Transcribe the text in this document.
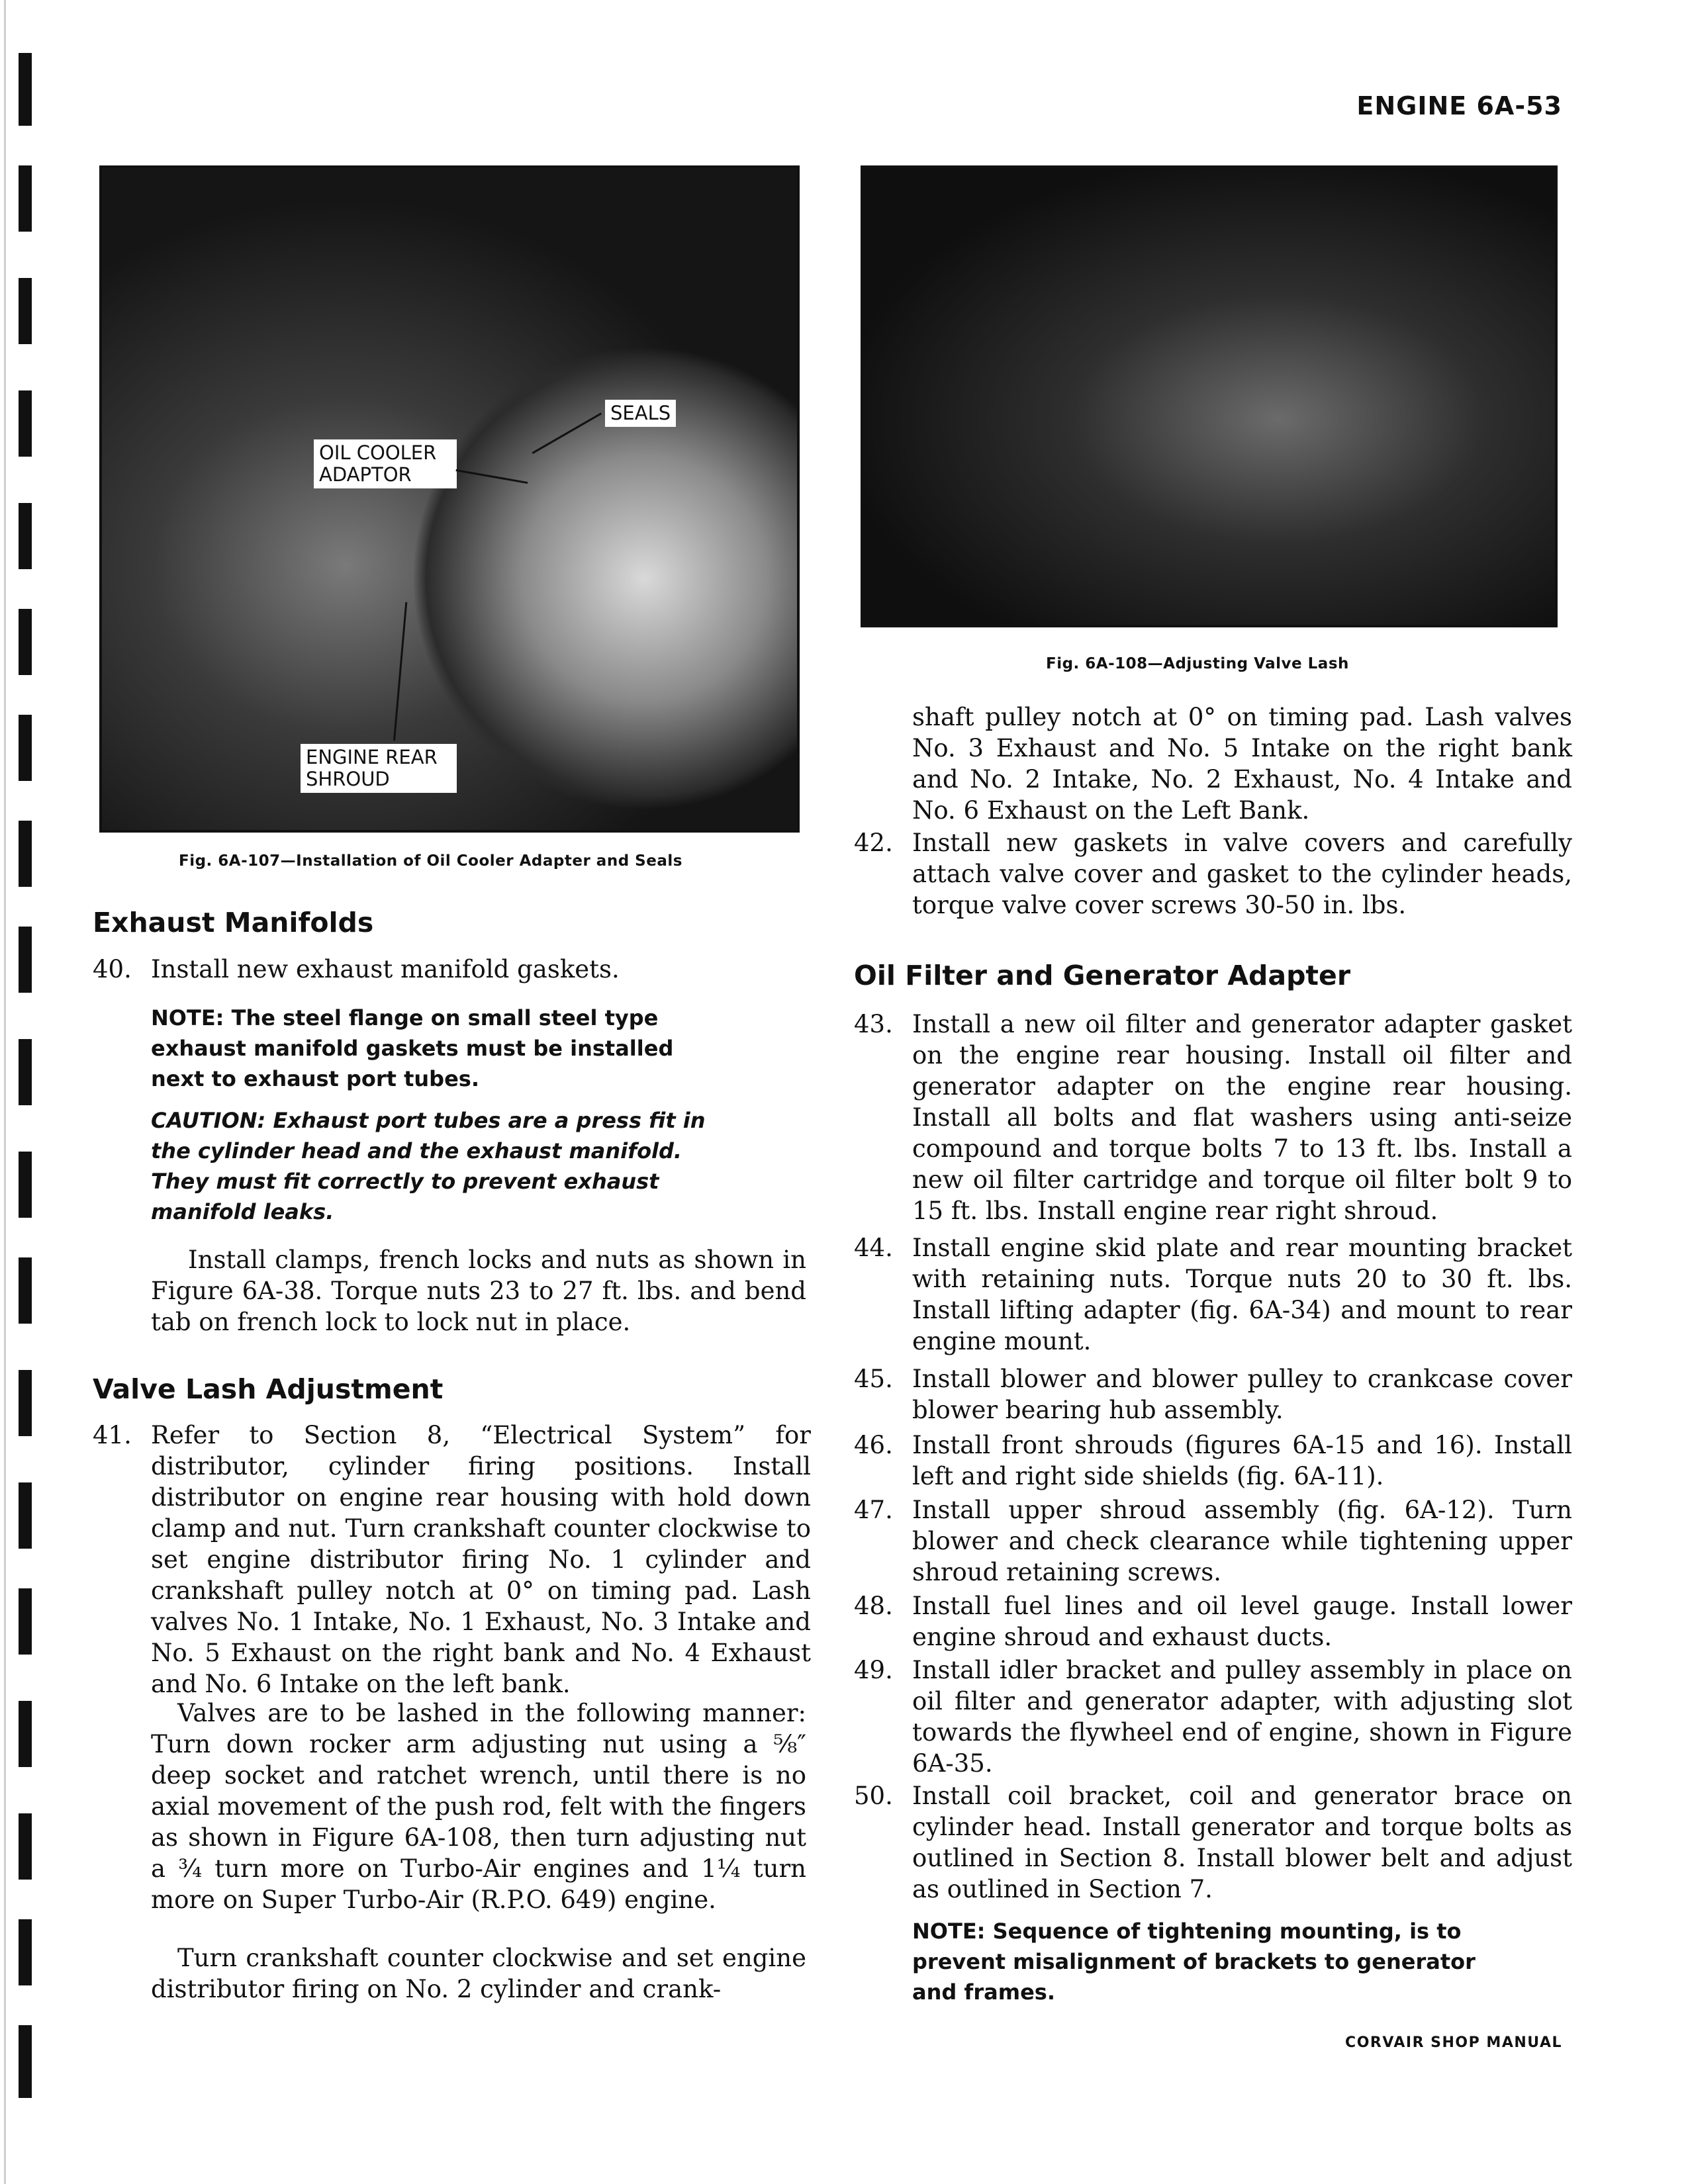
ENGINE 6A-53
SEALS
OIL COOLER ADAPTOR
ENGINE REAR SHROUD
Fig. 6A-107—Installation of Oil Cooler Adapter and Seals
Fig. 6A-108—Adjusting Valve Lash
Exhaust Manifolds
40. Install new exhaust manifold gaskets.
NOTE: The steel flange on small steel type exhaust manifold gaskets must be installed next to exhaust port tubes.
CAUTION: Exhaust port tubes are a press fit in the cylinder head and the exhaust manifold. They must fit correctly to prevent exhaust manifold leaks.
Install clamps, french locks and nuts as shown in Figure 6A-38. Torque nuts 23 to 27 ft. lbs. and bend tab on french lock to lock nut in place.
Valve Lash Adjustment
41. Refer to Section 8, “Electrical System” for distributor, cylinder firing positions. Install distributor on engine rear housing with hold down clamp and nut. Turn crankshaft counter clockwise to set engine distributor firing No. 1 cylinder and crankshaft pulley notch at 0° on timing pad. Lash valves No. 1 Intake, No. 1 Exhaust, No. 3 Intake and No. 5 Exhaust on the right bank and No. 4 Exhaust and No. 6 Intake on the left bank.
Valves are to be lashed in the following manner: Turn down rocker arm adjusting nut using a ⅝″ deep socket and ratchet wrench, until there is no axial movement of the push rod, felt with the fingers as shown in Figure 6A-108, then turn adjusting nut a ¾ turn more on Turbo-Air engines and 1¼ turn more on Super Turbo-Air (R.P.O. 649) engine.
Turn crankshaft counter clockwise and set engine distributor firing on No. 2 cylinder and crank-
shaft pulley notch at 0° on timing pad. Lash valves No. 3 Exhaust and No. 5 Intake on the right bank and No. 2 Intake, No. 2 Exhaust, No. 4 Intake and No. 6 Exhaust on the Left Bank.
42. Install new gaskets in valve covers and carefully attach valve cover and gasket to the cylinder heads, torque valve cover screws 30-50 in. lbs.
Oil Filter and Generator Adapter
43. Install a new oil filter and generator adapter gasket on the engine rear housing. Install oil filter and generator adapter on the engine rear housing. Install all bolts and flat washers using anti-seize compound and torque bolts 7 to 13 ft. lbs. Install a new oil filter cartridge and torque oil filter bolt 9 to 15 ft. lbs. Install engine rear right shroud.
44. Install engine skid plate and rear mounting bracket with retaining nuts. Torque nuts 20 to 30 ft. lbs. Install lifting adapter (fig. 6A-34) and mount to rear engine mount.
45. Install blower and blower pulley to crankcase cover blower bearing hub assembly.
46. Install front shrouds (figures 6A-15 and 16). Install left and right side shields (fig. 6A-11).
47. Install upper shroud assembly (fig. 6A-12). Turn blower and check clearance while tightening upper shroud retaining screws.
48. Install fuel lines and oil level gauge. Install lower engine shroud and exhaust ducts.
49. Install idler bracket and pulley assembly in place on oil filter and generator adapter, with adjusting slot towards the flywheel end of engine, shown in Figure 6A-35.
50. Install coil bracket, coil and generator brace on cylinder head. Install generator and torque bolts as outlined in Section 8. Install blower belt and adjust as outlined in Section 7.
NOTE: Sequence of tightening mounting, is to prevent misalignment of brackets to generator and frames.
CORVAIR SHOP MANUAL
